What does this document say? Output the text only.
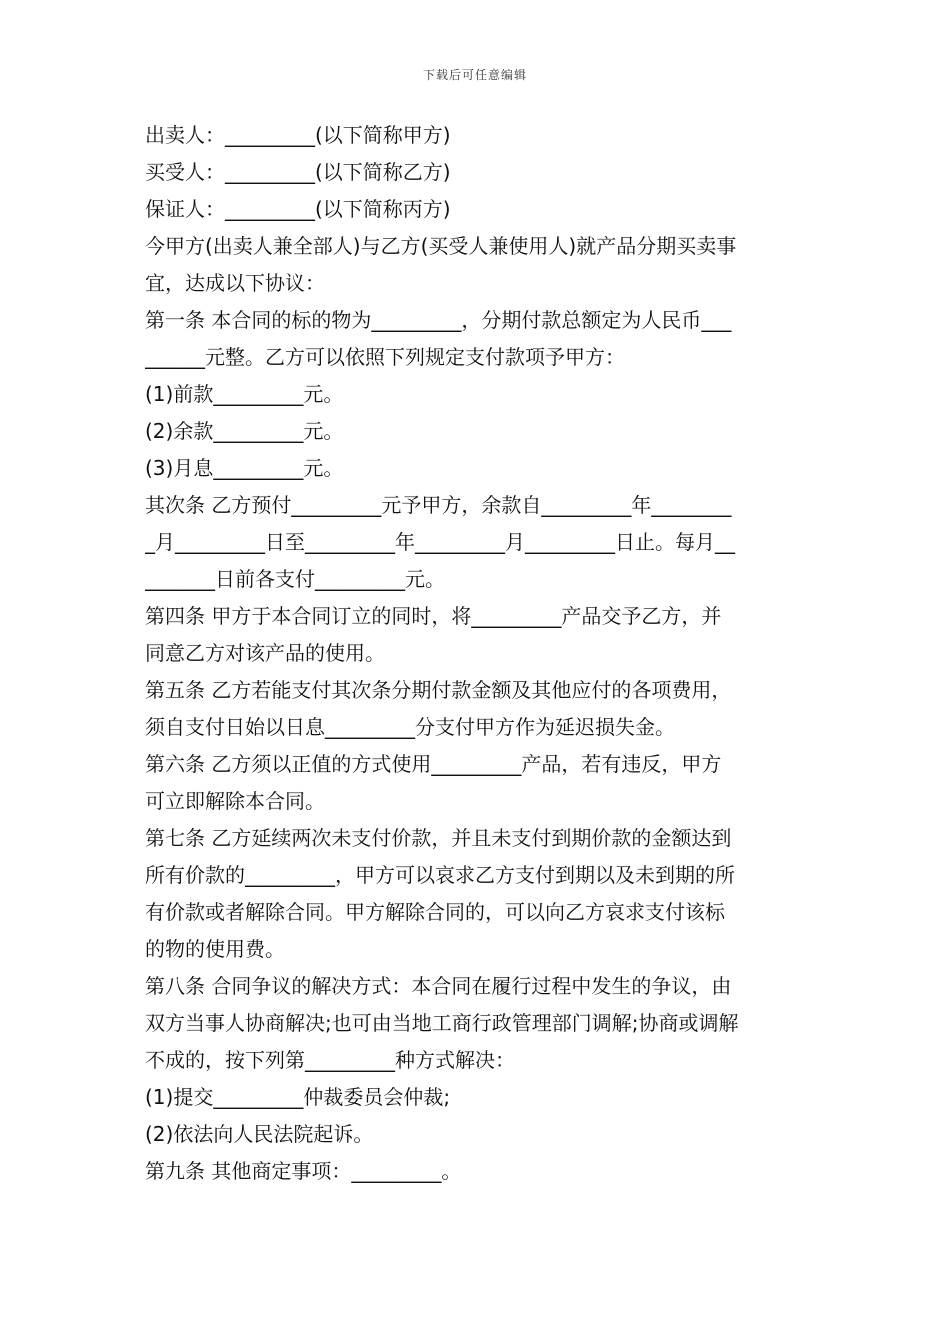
下载后可任意编辑
出卖人：_________(以下简称甲方)
买受人：_________(以下简称乙方)
保证人：_________(以下简称丙方)
今甲方(出卖人兼全部人)与乙方(买受人兼使用人)就产品分期买卖事
宜，达成以下协议：
第一条 本合同的标的物为_________，分期付款总额定为人民币___
______元整。乙方可以依照下列规定支付款项予甲方：
(1)前款_________元。
(2)余款_________元。
(3)月息_________元。
其次条 乙方预付_________元予甲方，余款自_________年________
_月_________日至_________年_________月_________日止。每月__
_______日前各支付_________元。
第四条 甲方于本合同订立的同时，将_________产品交予乙方，并
同意乙方对该产品的使用。
第五条 乙方若能支付其次条分期付款金额及其他应付的各项费用，
须自支付日始以日息_________分支付甲方作为延迟损失金。
第六条 乙方须以正值的方式使用_________产品，若有违反，甲方
可立即解除本合同。
第七条 乙方延续两次未支付价款，并且未支付到期价款的金额达到
所有价款的_________，甲方可以哀求乙方支付到期以及未到期的所
有价款或者解除合同。甲方解除合同的，可以向乙方哀求支付该标
的物的使用费。
第八条 合同争议的解决方式：本合同在履行过程中发生的争议，由
双方当事人协商解决;也可由当地工商行政管理部门调解;协商或调解
不成的，按下列第_________种方式解决：
(1)提交_________仲裁委员会仲裁;
(2)依法向人民法院起诉。
第九条 其他商定事项：_________。
